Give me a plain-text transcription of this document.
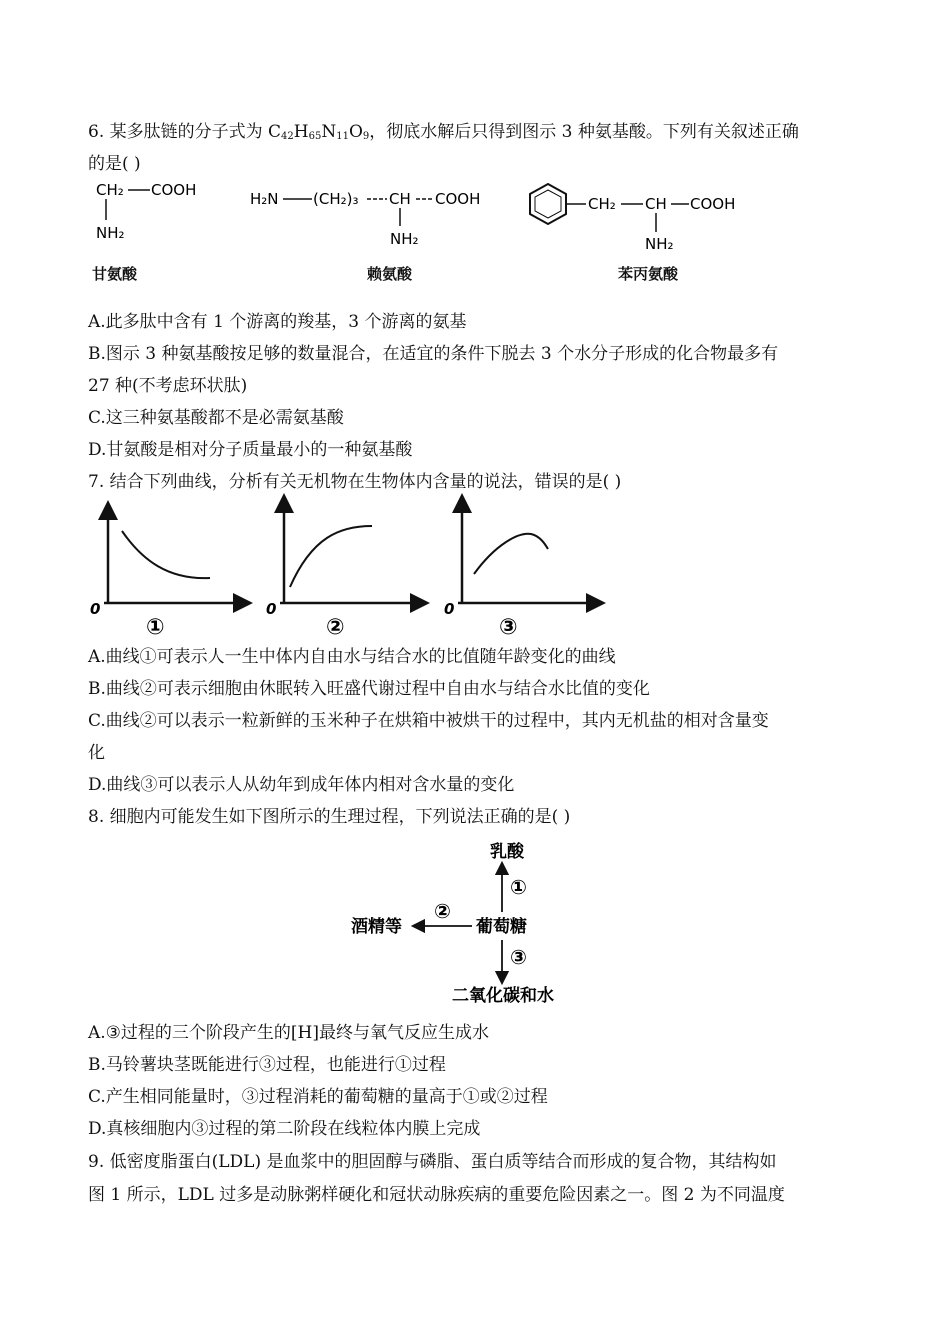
6. 某多肽链的分子式为 $C_{42}H_{65}N_{11}O_9$，彻底水解后只得到图示 3 种氨基酸。下列有关叙述正确
的是( )
CH₂ COOH
NH₂
H₂N (CH₂)₃ CH COOH
NH₂
CH₂ CH COOH
NH₂
甘氨酸	赖氨酸	苯丙氨酸
A.此多肽中含有 1 个游离的羧基，3 个游离的氨基
B.图示 3 种氨基酸按足够的数量混合，在适宜的条件下脱去 3 个水分子形成的化合物最多有
27 种(不考虑环状肽)
C.这三种氨基酸都不是必需氨基酸
D.甘氨酸是相对分子质量最小的一种氨基酸
7. 结合下列曲线，分析有关无机物在生物体内含量的说法，错误的是( )
0
①
0
②
0
③
A.曲线①可表示人一生中体内自由水与结合水的比值随年龄变化的曲线
B.曲线②可表示细胞由休眠转入旺盛代谢过程中自由水与结合水比值的变化
C.曲线②可以表示一粒新鲜的玉米种子在烘箱中被烘干的过程中，其内无机盐的相对含量变
化
D.曲线③可以表示人从幼年到成年体内相对含水量的变化
8. 细胞内可能发生如下图所示的生理过程，下列说法正确的是( )
乳酸
①
葡萄糖
②
酒精等
③
二氧化碳和水
A.③过程的三个阶段产生的[H]最终与氧气反应生成水
B.马铃薯块茎既能进行③过程，也能进行①过程
C.产生相同能量时，③过程消耗的葡萄糖的量高于①或②过程
D.真核细胞内③过程的第二阶段在线粒体内膜上完成
9. 低密度脂蛋白(LDL) 是血浆中的胆固醇与磷脂、蛋白质等结合而形成的复合物，其结构如
图 1 所示，LDL 过多是动脉粥样硬化和冠状动脉疾病的重要危险因素之一。图 2 为不同温度
